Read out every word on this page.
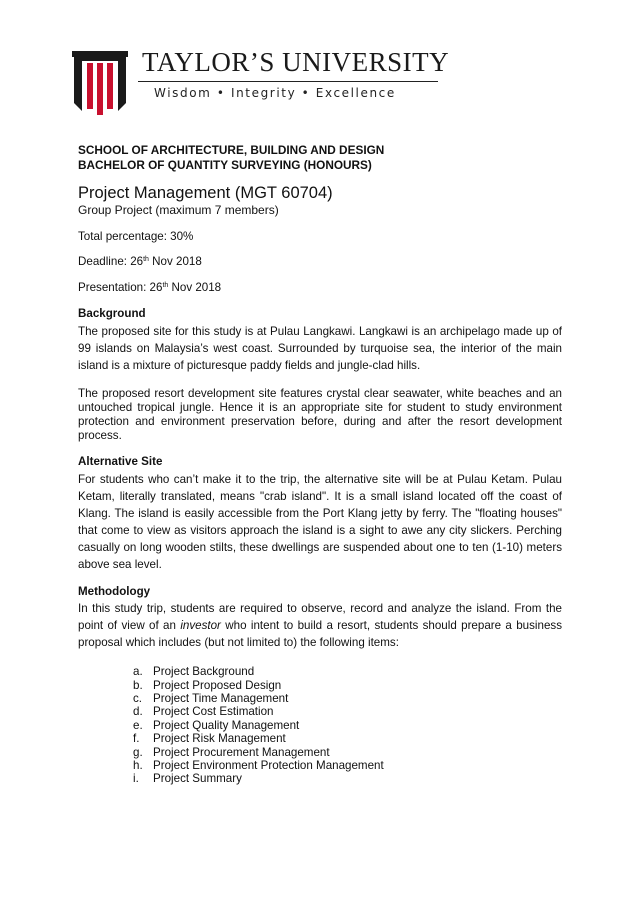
TAYLOR’S UNIVERSITY
Wisdom • Integrity • Excellence

SCHOOL OF ARCHITECTURE, BUILDING AND DESIGN

BACHELOR OF QUANTITY SURVEYING (HONOURS)

Project Management (MGT 60704)

Group Project (maximum 7 members)

Total percentage: 30%

Deadline: 26th Nov 2018

Presentation: 26th Nov 2018

Background

The proposed site for this study is at Pulau Langkawi. Langkawi is an archipelago made up of 99 islands on Malaysia’s west coast. Surrounded by turquoise sea, the interior of the main island is a mixture of picturesque paddy fields and jungle-clad hills.

The proposed resort development site features crystal clear seawater, white beaches and an untouched tropical jungle. Hence it is an appropriate site for student to study environment protection and environment preservation before, during and after the resort development process.

Alternative Site

For students who can’t make it to the trip, the alternative site will be at Pulau Ketam. Pulau Ketam, literally translated, means "crab island". It is a small island located off the coast of Klang. The island is easily accessible from the Port Klang jetty by ferry. The "floating houses" that come to view as visitors approach the island is a sight to awe any city slickers. Perching casually on long wooden stilts, these dwellings are suspended about one to ten (1-10) meters above sea level.

Methodology

In this study trip, students are required to observe, record and analyze the island. From the point of view of an investor who intent to build a resort, students should prepare a business proposal which includes (but not limited to) the following items:

a. Project Background
b. Project Proposed Design
c. Project Time Management
d. Project Cost Estimation
e. Project Quality Management
f.	Project Risk Management
g. Project Procurement Management
h. Project Environment Protection Management
i.	Project Summary
